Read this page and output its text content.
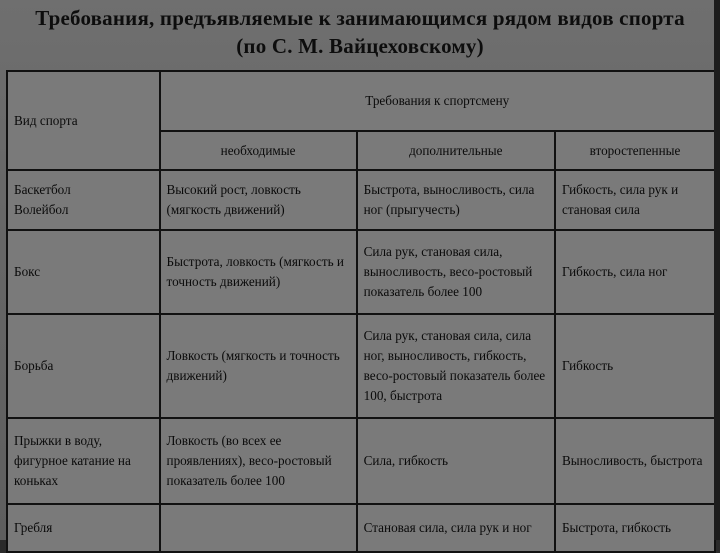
Требования, предъявляемые к занимающимся рядом видов спорта
(по С. М. Вайцеховскому)
Вид спорта	Требования к спортсмену		
	необходимые	дополнительные	второстепенные
Баскетбол
Волейбол	Высокий рост, ловкость (мягкость движений)	Быстрота, выносливость, сила ног (прыгучесть)	Гибкость, сила рук и становая сила
Бокс	Быстрота, ловкость (мягкость и точность движений)	Сила рук, становая сила, выносливость, весо-ростовый показатель более 100	Гибкость, сила ног
Борьба	Ловкость (мягкость и точность движений)	Сила рук, становая сила, сила ног, выносливость, гибкость, весо-ростовый показатель более 100, быстрота	Гибкость
Прыжки в воду, фигурное катание на коньках	Ловкость (во всех ее проявлениях), весо-ростовый показатель более 100	Сила, гибкость	Выносливость, быстрота
Гребля		Становая сила, сила рук и ног	Быстрота, гибкость
